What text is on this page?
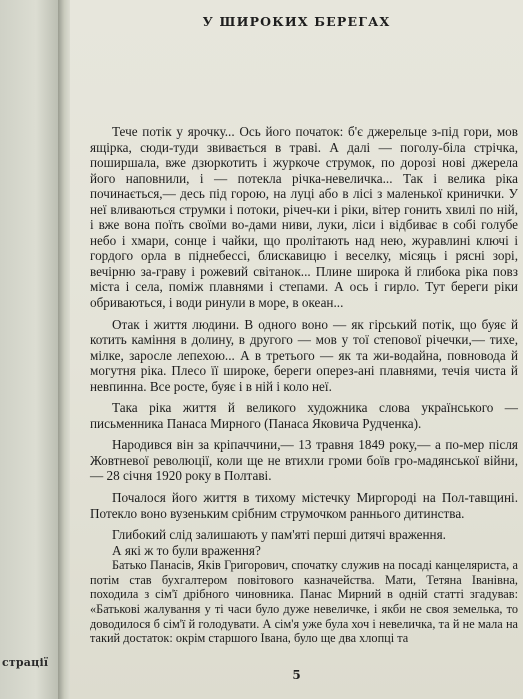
страції
У ШИРОКИХ БЕРЕГАХ

Тече потік у ярочку... Ось його початок: б'є джерельце з-під гори, мов ящірка, сюди-туди звивається в траві. А далі — поголу-біла стрічка, поширшала, вже дзюркотить і журкоче струмок, по дорозі нові джерела його наповнили, і — потекла річка-невеличка... Так і велика ріка починається,— десь під горою, на луці або в лісі з маленької кринички. У неї вливаються струмки і потоки, річеч-ки і ріки, вітер гонить хвилі по ній, і вже вона поїть своїми во-дами ниви, луки, ліси і відбиває в собі голубе небо і хмари, сонце і чайки, що пролітають над нею, журавлині ключі і гордого орла в піднебессі, блискавицю і веселку, місяць і рясні зорі, вечірню за-граву і рожевий світанок... Плине широка й глибока ріка повз міста і села, поміж плавнями і степами. А ось і гирло. Тут береги ріки обриваються, і води ринули в море, в океан...

Отак і життя людини. В одного воно — як гірський потік, що буяє й котить каміння в долину, в другого — мов у тої степової річечки,— тихе, мілке, заросле лепехою... А в третього — як та жи-водайна, повновода й могутня ріка. Плесо її широке, береги оперез-ані плавнями, течія чиста й невпинна. Все росте, буяє і в ній і коло неї.

Така ріка життя й великого художника слова українського — письменника Панаса Мирного (Панаса Яковича Рудченка).

Народився він за кріпаччини,— 13 травня 1849 року,— а по-мер після Жовтневої революції, коли ще не втихли громи боїв гро-мадянської війни,— 28 січня 1920 року в Полтаві.

Почалося його життя в тихому містечку Миргороді на Пол-тавщині. Потекло воно вузеньким срібним струмочком раннього дитинства.

Глибокий слід залишають у пам'яті перші дитячі враження.

А які ж то були враження?

Батько Панасів, Яків Григорович, спочатку служив на посаді канцеляриста, а потім став бухгалтером повітового казначейства. Мати, Тетяна Іванівна, походила з сім'ї дрібного чиновника. Панас Мирний в одній статті згадував: «Батькові жалування у ті часи було дуже невеличке, і якби не своя земелька, то доводилося б сім'ї й голодувати. А сім'я уже була хоч і невеличка, та й не мала на такий достаток: окрім старшого Івана, було ще два хлопці та

5
